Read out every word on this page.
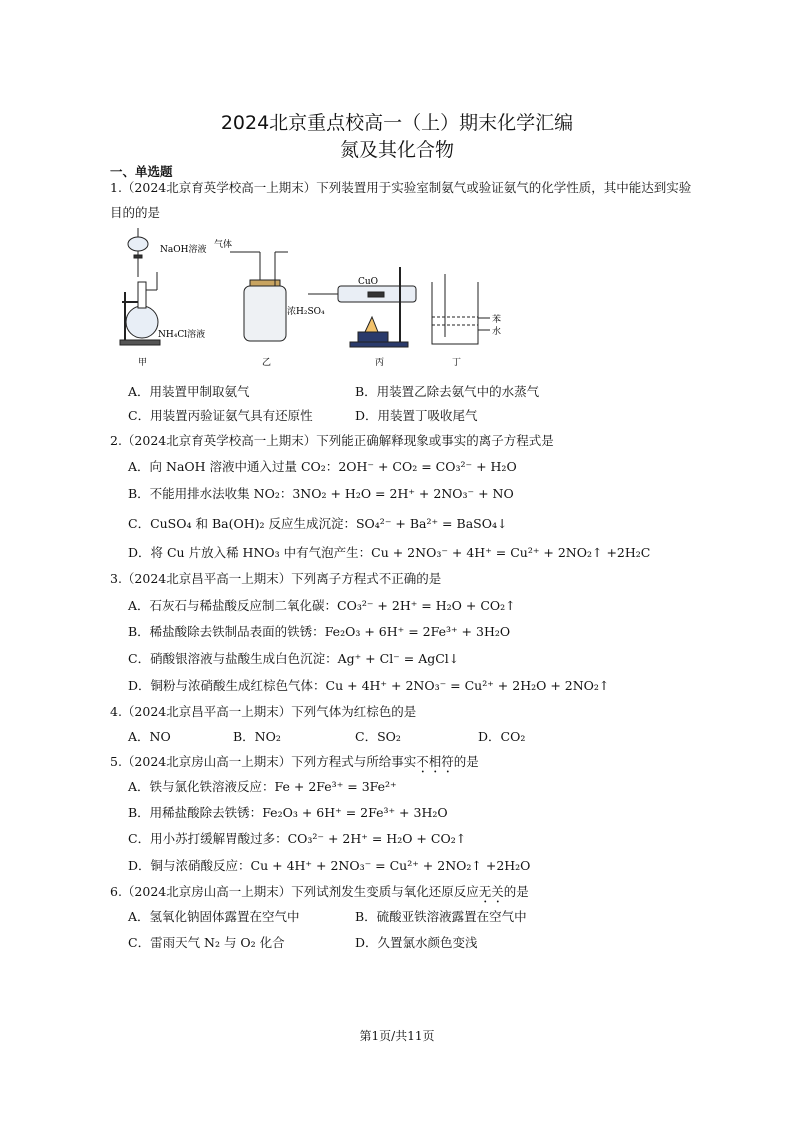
2024北京重点校高一（上）期末化学汇编
氮及其化合物
一、单选题
1.（2024北京育英学校高一上期末）下列装置用于实验室制氨气或验证氨气的化学性质，其中能达到实验目的的是
NaOH溶液
NH₄Cl溶液
气体
浓H₂SO₄
CuO
苯
水
甲	乙	丙	丁
A．用装置甲制取氨气	B．用装置乙除去氨气中的水蒸气
C．用装置丙验证氨气具有还原性	D．用装置丁吸收尾气
2.（2024北京育英学校高一上期末）下列能正确解释现象或事实的离子方程式是
A．向 NaOH 溶液中通入过量 CO₂：2OH⁻ + CO₂ = CO₃²⁻ + H₂O
B．不能用排水法收集 NO₂：3NO₂ + H₂O = 2H⁺ + 2NO₃⁻ + NO
C．CuSO₄ 和 Ba(OH)₂ 反应生成沉淀：SO₄²⁻ + Ba²⁺ = BaSO₄↓
D．将 Cu 片放入稀 HNO₃ 中有气泡产生：Cu + 2NO₃⁻ + 4H⁺ = Cu²⁺ + 2NO₂↑ +2H₂C
3.（2024北京昌平高一上期末）下列离子方程式不正确的是
A．石灰石与稀盐酸反应制二氧化碳：CO₃²⁻ + 2H⁺ = H₂O + CO₂↑
B．稀盐酸除去铁制品表面的铁锈：Fe₂O₃ + 6H⁺ = 2Fe³⁺ + 3H₂O
C．硝酸银溶液与盐酸生成白色沉淀：Ag⁺ + Cl⁻ = AgCl↓
D．铜粉与浓硝酸生成红棕色气体：Cu + 4H⁺ + 2NO₃⁻ = Cu²⁺ + 2H₂O + 2NO₂↑
4.（2024北京昌平高一上期末）下列气体为红棕色的是
A．NO	B．NO₂	C．SO₂	D．CO₂
5.（2024北京房山高一上期末）下列方程式与所给事实不相符的是
A．铁与氯化铁溶液反应：Fe + 2Fe³⁺ = 3Fe²⁺
B．用稀盐酸除去铁锈：Fe₂O₃ + 6H⁺ = 2Fe³⁺ + 3H₂O
C．用小苏打缓解胃酸过多：CO₃²⁻ + 2H⁺ = H₂O + CO₂↑
D．铜与浓硝酸反应：Cu + 4H⁺ + 2NO₃⁻ = Cu²⁺ + 2NO₂↑ +2H₂O
6.（2024北京房山高一上期末）下列试剂发生变质与氧化还原反应无关的是
A．氢氧化钠固体露置在空气中	B．硫酸亚铁溶液露置在空气中
C．雷雨天气 N₂ 与 O₂ 化合	D．久置氯水颜色变浅
第1页/共11页
